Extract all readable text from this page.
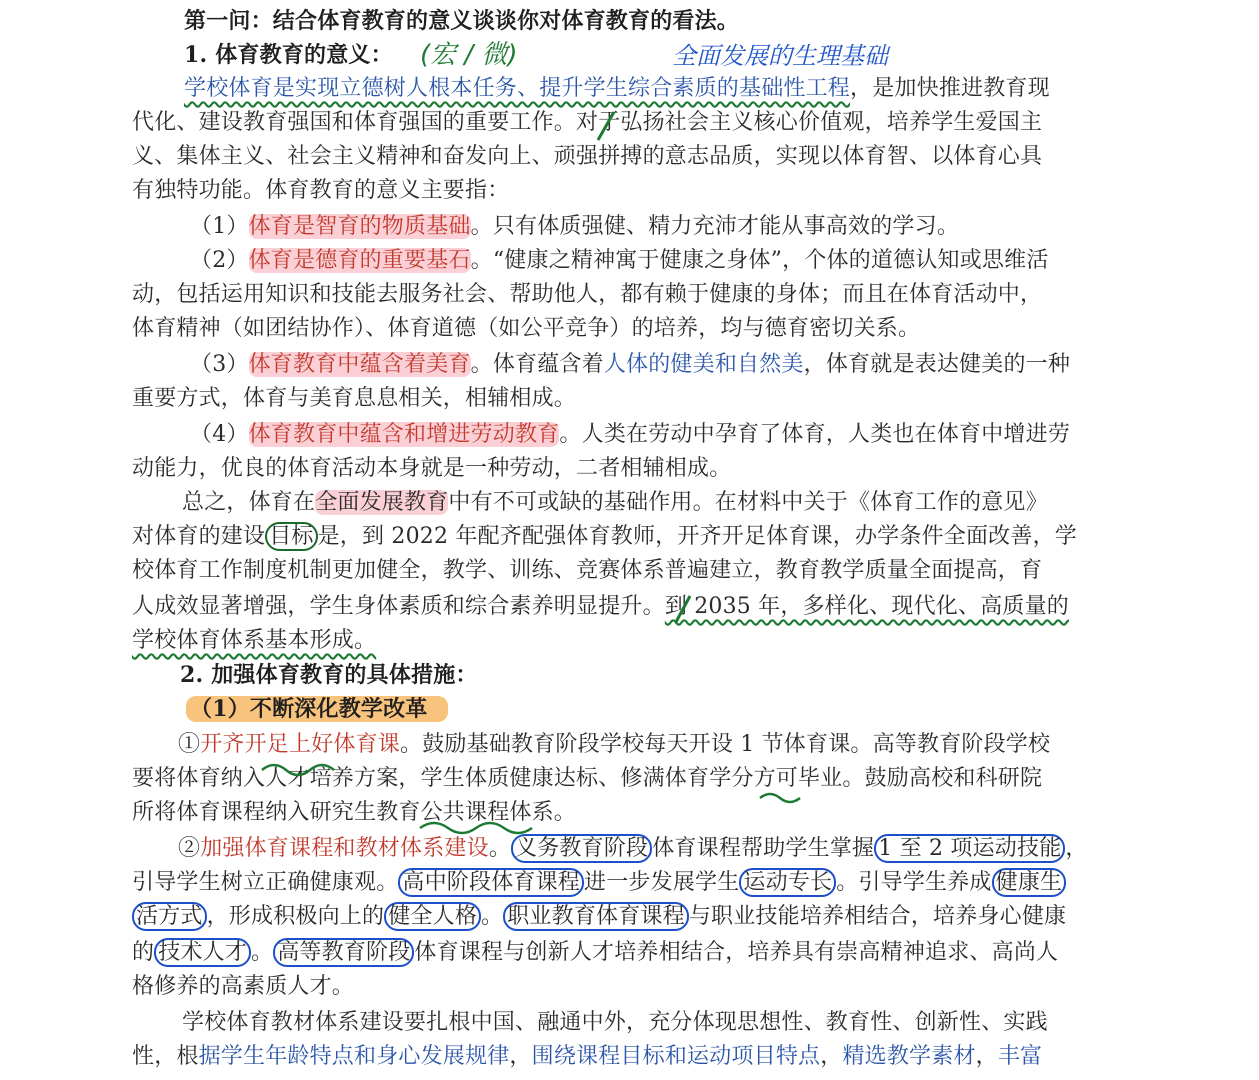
(宏 / 微)	全面发展的生理基础
第一问：结合体育教育的意义谈谈你对体育教育的看法。
1. 体育教育的意义：
学校体育是实现立德树人根本任务、提升学生综合素质的基础性工程，是加快推进教育现
代化、建设教育强国和体育强国的重要工作。对于弘扬社会主义核心价值观，培养学生爱国主
义、集体主义、社会主义精神和奋发向上、顽强拼搏的意志品质，实现以体育智、以体育心具
有独特功能。体育教育的意义主要指：
（1）体育是智育的物质基础。只有体质强健、精力充沛才能从事高效的学习。
（2）体育是德育的重要基石。“健康之精神寓于健康之身体”，个体的道德认知或思维活
动，包括运用知识和技能去服务社会、帮助他人，都有赖于健康的身体；而且在体育活动中，
体育精神（如团结协作）、体育道德（如公平竞争）的培养，均与德育密切关系。
（3）体育教育中蕴含着美育。体育蕴含着人体的健美和自然美，体育就是表达健美的一种
重要方式，体育与美育息息相关，相辅相成。
（4）体育教育中蕴含和增进劳动教育。人类在劳动中孕育了体育，人类也在体育中增进劳
动能力，优良的体育活动本身就是一种劳动，二者相辅相成。
总之，体育在全面发展教育中有不可或缺的基础作用。在材料中关于《体育工作的意见》
对体育的建设 目标 是，到 2022 年配齐配强体育教师，开齐开足体育课，办学条件全面改善，学
校体育工作制度机制更加健全，教学、训练、竞赛体系普遍建立，教育教学质量全面提高，育
人成效显著增强，学生身体素质和综合素养明显提升。到 2035 年，多样化、现代化、高质量的
学校体育体系基本形成。
2. 加强体育教育的具体措施：
（1）不断深化教学改革
①开齐开足上好体育课。鼓励基础教育阶段学校每天开设 1 节体育课。高等教育阶段学校
要将体育纳入人才培养方案，学生体质健康达标、修满体育学分方可毕业。鼓励高校和科研院
所将体育课程纳入研究生教育公共课程体系。
②加强体育课程和教材体系建设。 义务教育阶段 体育课程帮助学生掌握 1 至 2 项运动技能 ，
引导学生树立正确健康观。 高中阶段体育课程 进一步发展学生 运动专长 。引导学生养成 健康生
活方式 ，形成积极向上的 健全人格 。 职业教育体育课程 与职业技能培养相结合，培养身心健康
的 技术人才 。 高等教育阶段 体育课程与创新人才培养相结合，培养具有崇高精神追求、高尚人
格修养的高素质人才。
学校体育教材体系建设要扎根中国、融通中外，充分体现思想性、教育性、创新性、实践
性，根据学生年龄特点和身心发展规律，围绕课程目标和运动项目特点，精选教学素材，丰富
